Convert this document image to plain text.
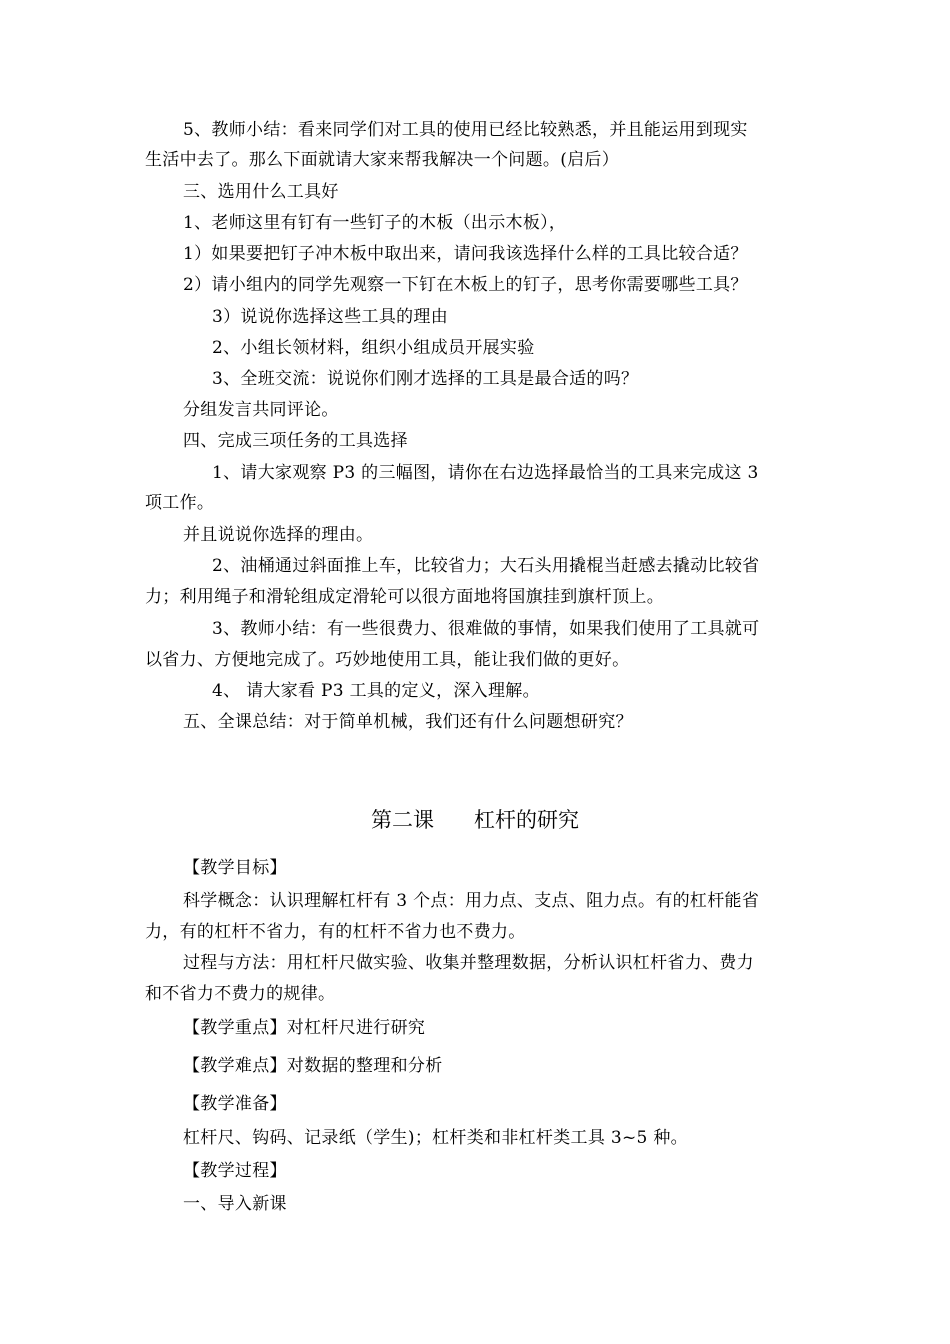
5、教师小结：看来同学们对工具的使用已经比较熟悉，并且能运用到现实
生活中去了。那么下面就请大家来帮我解决一个问题。(启后）
三、选用什么工具好
1、老师这里有钉有一些钉子的木板（出示木板），
1）如果要把钉子冲木板中取出来，请问我该选择什么样的工具比较合适？
2）请小组内的同学先观察一下钉在木板上的钉子，思考你需要哪些工具？
3）说说你选择这些工具的理由
2、小组长领材料，组织小组成员开展实验
3、全班交流：说说你们刚才选择的工具是最合适的吗？
分组发言共同评论。
四、完成三项任务的工具选择
1、请大家观察 P3 的三幅图，请你在右边选择最恰当的工具来完成这 3
项工作。
并且说说你选择的理由。
2、油桶通过斜面推上车，比较省力；大石头用撬棍当赶感去撬动比较省
力；利用绳子和滑轮组成定滑轮可以很方面地将国旗挂到旗杆顶上。
3、教师小结：有一些很费力、很难做的事情，如果我们使用了工具就可
以省力、方便地完成了。巧妙地使用工具，能让我们做的更好。
4、 请大家看 P3 工具的定义，深入理解。
五、全课总结：对于简单机械，我们还有什么问题想研究？
第二课      杠杆的研究
【教学目标】
科学概念：认识理解杠杆有 3 个点：用力点、支点、阻力点。有的杠杆能省
力，有的杠杆不省力，有的杠杆不省力也不费力。
过程与方法：用杠杆尺做实验、收集并整理数据，分析认识杠杆省力、费力
和不省力不费力的规律。
【教学重点】对杠杆尺进行研究
【教学难点】对数据的整理和分析
【教学准备】
杠杆尺、钩码、记录纸（学生)；杠杆类和非杠杆类工具 3~5 种。
【教学过程】
一、导入新课
